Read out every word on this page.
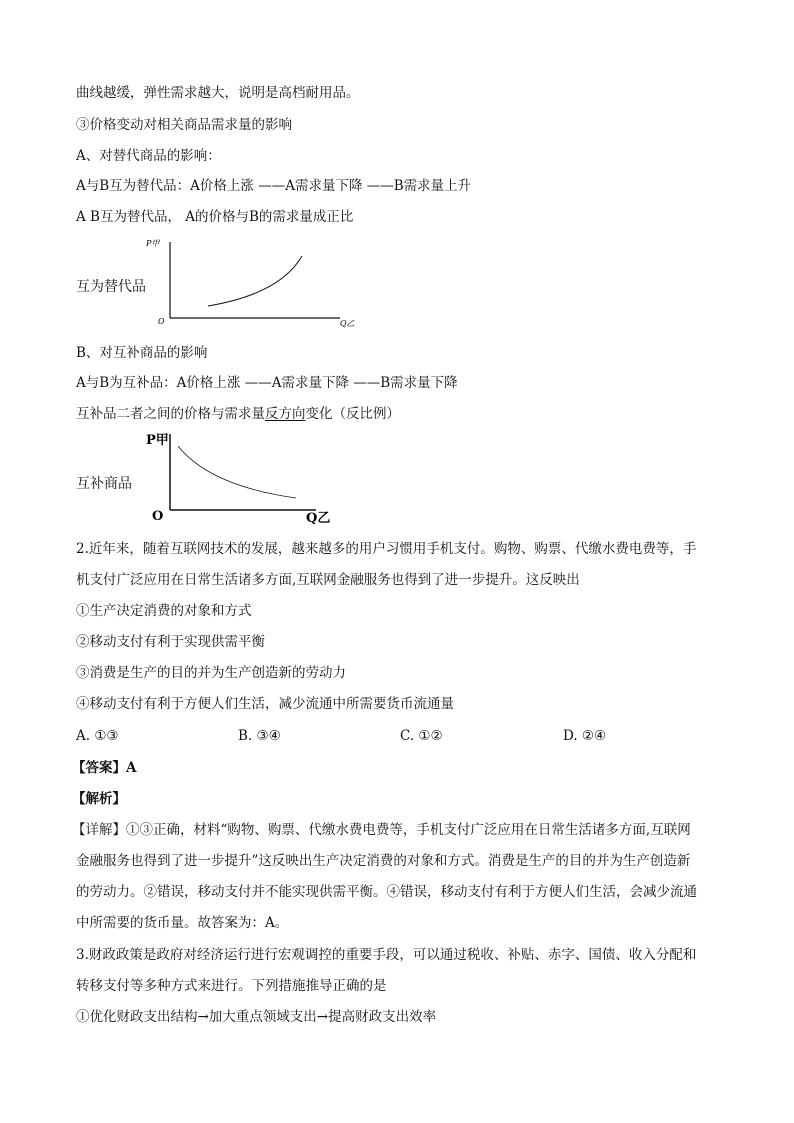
曲线越缓，弹性需求越大，说明是高档耐用品。
③价格变动对相关商品需求量的影响
A、对替代商品的影响：
A与B互为替代品：A价格上涨 ——A需求量下降 ——B需求量上升
A B互为替代品， A的价格与B的需求量成正比
互为替代品
P甲
O	Q乙
B、对互补商品的影响
A与B为互补品：A价格上涨 ——A需求量下降 ——B需求量下降
互补品二者之间的价格与需求量反方向变化（反比例）
互补商品
P甲
O	Q乙
2.近年来，随着互联网技术的发展，越来越多的用户习惯用手机支付。购物、购票、代缴水费电费等，手
机支付广泛应用在日常生活诸多方面,互联网金融服务也得到了进一步提升。这反映出
①生产决定消费的对象和方式
②移动支付有利于实现供需平衡
③消费是生产的目的并为生产创造新的劳动力
④移动支付有利于方便人们生活，减少流通中所需要货币流通量
A. ①③	B. ③④	C. ①②	D. ②④
【答案】A
【解析】
【详解】①③正确，材料“购物、购票、代缴水费电费等，手机支付广泛应用在日常生活诸多方面,互联网
金融服务也得到了进一步提升”这反映出生产决定消费的对象和方式。消费是生产的目的并为生产创造新
的劳动力。②错误，移动支付并不能实现供需平衡。④错误，移动支付有利于方便人们生活，会减少流通
中所需要的货币量。故答案为：A。
3.财政政策是政府对经济运行进行宏观调控的重要手段，可以通过税收、补贴、赤字、国债、收入分配和
转移支付等多种方式来进行。下列措施推导正确的是
①优化财政支出结构→加大重点领域支出→提高财政支出效率
